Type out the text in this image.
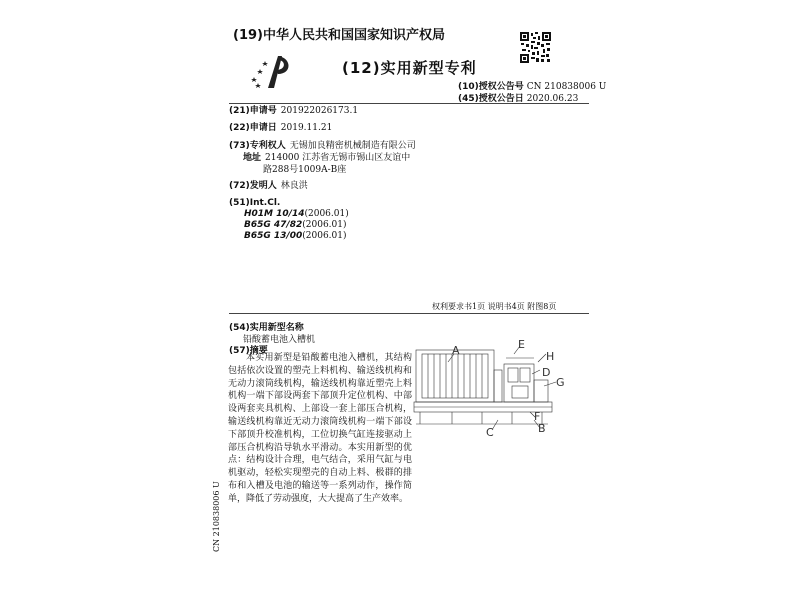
(19)中华人民共和国国家知识产权局
(12)实用新型专利
(10)授权公告号 CN 210838006 U
(45)授权公告日 2020.06.23
(21)申请号 201922026173.1
(22)申请日 2019.11.21
(73)专利权人 无锡加良精密机械制造有限公司
地址 214000 江苏省无锡市锡山区友谊中
路288号1009A-B座
(72)发明人 林良洪
(51)Int.Cl.
H01M 10/14(2006.01)
B65G 47/82(2006.01)
B65G 13/00(2006.01)
权利要求书1页 说明书4页 附图8页
(54)实用新型名称
铅酸蓄电池入槽机
(57)摘要
本实用新型是铅酸蓄电池入槽机，其结构包括依次设置的塑壳上料机构、输送线机构和无动力滚筒线机构，输送线机构靠近塑壳上料机构一端下部设两套下部顶升定位机构、中部设两套夹具机构、上部设一套上部压合机构，输送线机构靠近无动力滚筒线机构一端下部设下部顶升校准机构，工位切换气缸连接驱动上部压合机构沿导轨水平滑动。本实用新型的优点：结构设计合理，电气结合，采用气缸与电机驱动，轻松实现塑壳的自动上料、极群的排布和入槽及电池的输送等一系列动作，操作简单，降低了劳动强度，大大提高了生产效率。
A	E
H
D
G
F
B
C
CN 210838006 U
